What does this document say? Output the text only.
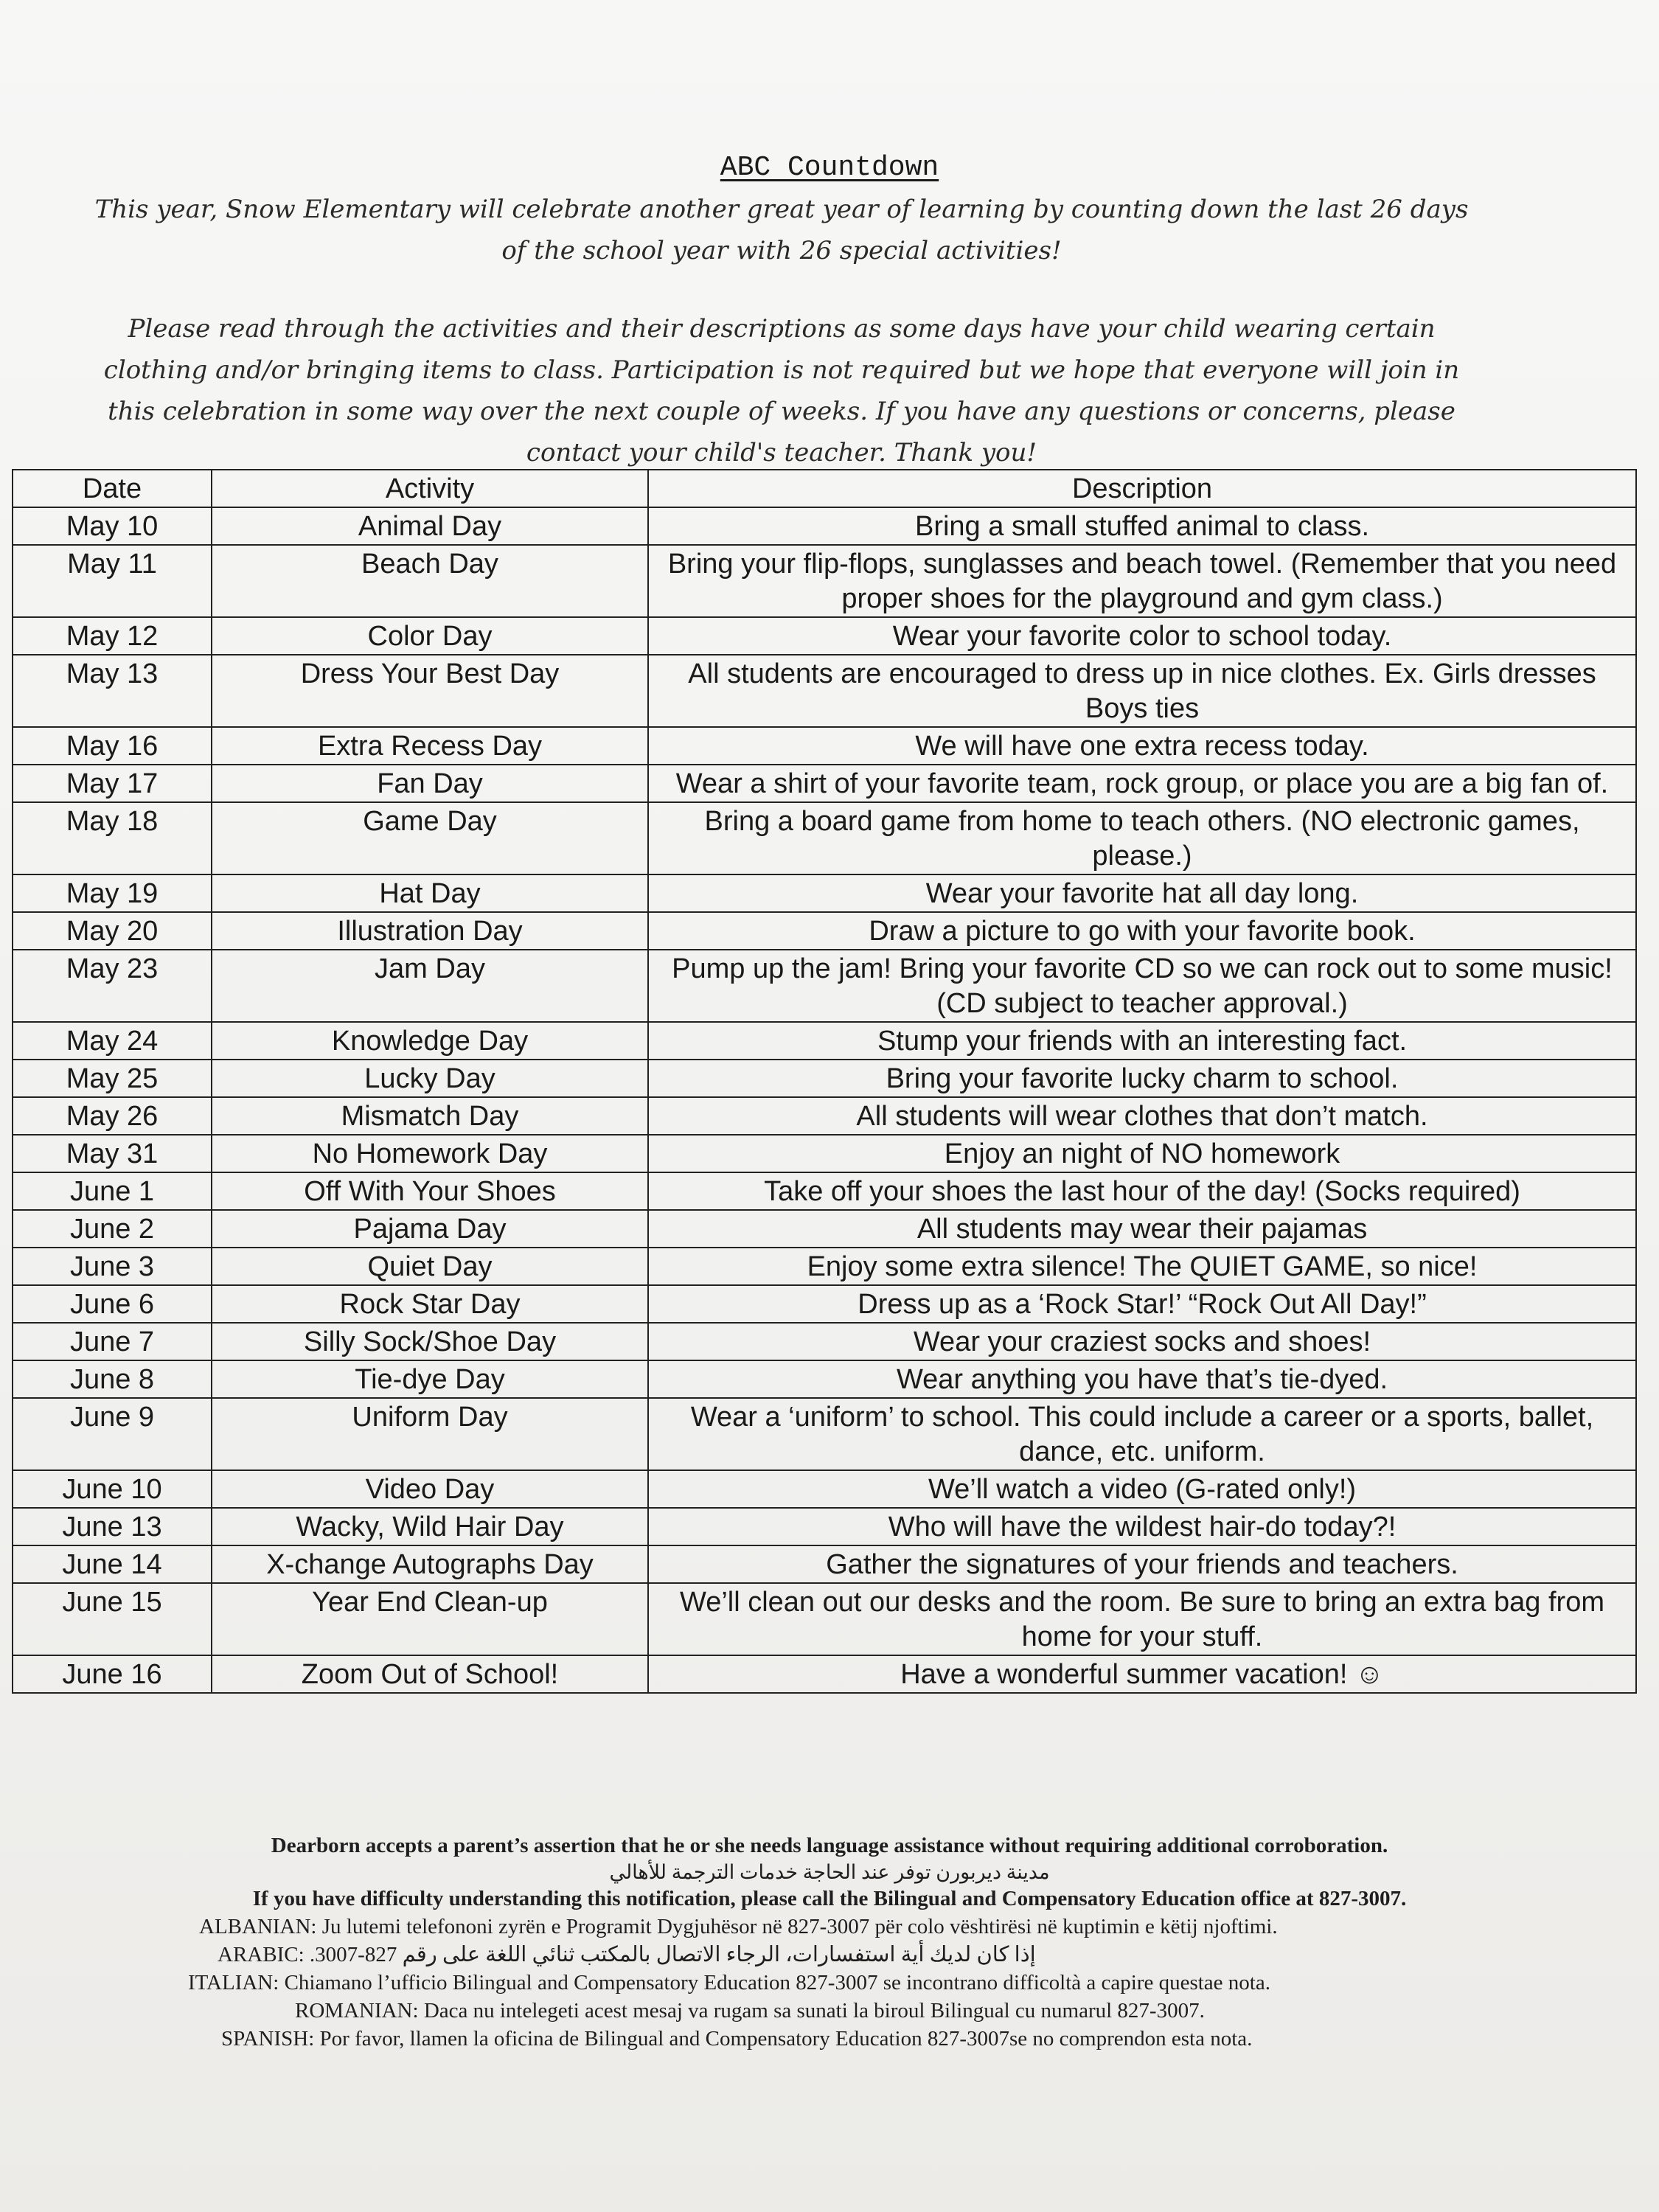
ABC Countdown
This year, Snow Elementary will celebrate another great year of learning by counting down the last 26 days of the school year with 26 special activities!
Please read through the activities and their descriptions as some days have your child wearing certain clothing and/or bringing items to class. Participation is not required but we hope that everyone will join in this celebration in some way over the next couple of weeks. If you have any questions or concerns, please contact your child's teacher. Thank you!
Date	Activity	Description
May 10	Animal Day	Bring a small stuffed animal to class.
May 11	Beach Day	Bring your flip-flops, sunglasses and beach towel. (Remember that you need proper shoes for the playground and gym class.)
May 12	Color Day	Wear your favorite color to school today.
May 13	Dress Your Best Day	All students are encouraged to dress up in nice clothes. Ex. Girls dresses Boys ties
May 16	Extra Recess Day	We will have one extra recess today.
May 17	Fan Day	Wear a shirt of your favorite team, rock group, or place you are a big fan of.
May 18	Game Day	Bring a board game from home to teach others. (NO electronic games, please.)
May 19	Hat Day	Wear your favorite hat all day long.
May 20	Illustration Day	Draw a picture to go with your favorite book.
May 23	Jam Day	Pump up the jam! Bring your favorite CD so we can rock out to some music! (CD subject to teacher approval.)
May 24	Knowledge Day	Stump your friends with an interesting fact.
May 25	Lucky Day	Bring your favorite lucky charm to school.
May 26	Mismatch Day	All students will wear clothes that don’t match.
May 31	No Homework Day	Enjoy an night of NO homework
June 1	Off With Your Shoes	Take off your shoes the last hour of the day! (Socks required)
June 2	Pajama Day	All students may wear their pajamas
June 3	Quiet Day	Enjoy some extra silence! The QUIET GAME, so nice!
June 6	Rock Star Day	Dress up as a ‘Rock Star!’ “Rock Out All Day!”
June 7	Silly Sock/Shoe Day	Wear your craziest socks and shoes!
June 8	Tie-dye Day	Wear anything you have that’s tie-dyed.
June 9	Uniform Day	Wear a ‘uniform’ to school. This could include a career or a sports, ballet, dance, etc. uniform.
June 10	Video Day	We’ll watch a video (G-rated only!)
June 13	Wacky, Wild Hair Day	Who will have the wildest hair-do today?!
June 14	X-change Autographs Day	Gather the signatures of your friends and teachers.
June 15	Year End Clean-up	We’ll clean out our desks and the room. Be sure to bring an extra bag from home for your stuff.
June 16	Zoom Out of School!	Have a wonderful summer vacation! ☺
Dearborn accepts a parent’s assertion that he or she needs language assistance without requiring additional corroboration.
مدينة ديربورن توفر عند الحاجة خدمات الترجمة للأهالي
If you have difficulty understanding this notification, please call the Bilingual and Compensatory Education office at 827-3007.
ALBANIAN: Ju lutemi telefononi zyrën e Programit Dygjuhësor në 827-3007 për colo vështirësi në kuptimin e këtij njoftimi.
ARABIC: إذا كان لديك أية استفسارات، الرجاء الاتصال بالمكتب ثنائي اللغة على رقم 827-3007.
ITALIAN: Chiamano l’ufficio Bilingual and Compensatory Education 827-3007 se incontrano difficoltà a capire questae nota.
ROMANIAN: Daca nu intelegeti acest mesaj va rugam sa sunati la biroul Bilingual cu numarul 827-3007.
SPANISH: Por favor, llamen la oficina de Bilingual and Compensatory Education 827-3007se no comprendon esta nota.
